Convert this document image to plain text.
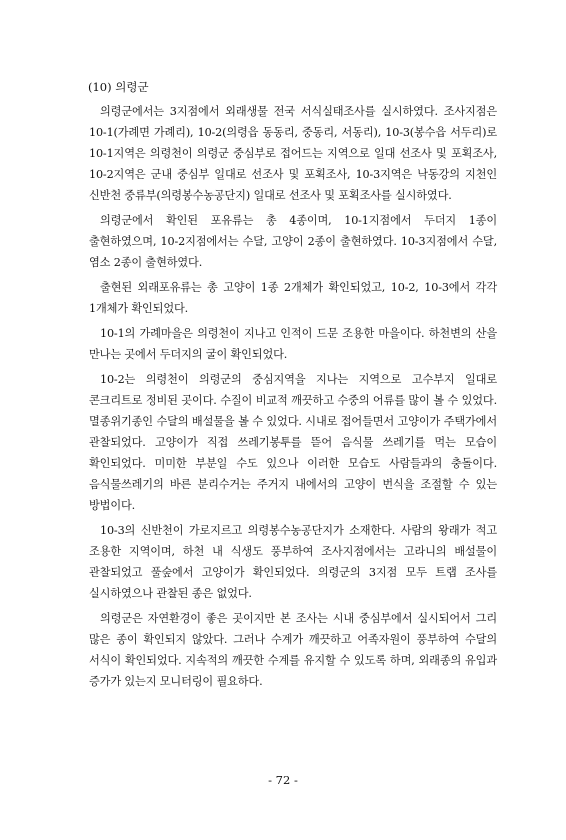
(10) 의령군

의령군에서는 3지점에서 외래생물 전국 서식실태조사를 실시하였다. 조사지점은 10-1(가례면 가례리), 10-2(의령읍 동동리, 중동리, 서동리), 10-3(봉수읍 서두리)로 10-1지역은 의령천이 의령군 중심부로 접어드는 지역으로 일대 선조사 및 포획조사, 10-2지역은 군내 중심부 일대로 선조사 및 포획조사, 10-3지역은 낙동강의 지천인 신반천 중류부(의령봉수농공단지) 일대로 선조사 및 포획조사를 실시하였다.

의령군에서 확인된 포유류는 총 4종이며, 10-1지점에서 두더지 1종이 출현하였으며, 10-2지점에서는 수달, 고양이 2종이 출현하였다. 10-3지점에서 수달, 염소 2종이 출현하였다.

출현된 외래포유류는 총 고양이 1종 2개체가 확인되었고, 10-2, 10-3에서 각각 1개체가 확인되었다.

10-1의 가례마을은 의령천이 지나고 인적이 드문 조용한 마을이다. 하천변의 산을 만나는 곳에서 두더지의 굴이 확인되었다.

10-2는 의령천이 의령군의 중심지역을 지나는 지역으로 고수부지 일대로 콘크리트로 정비된 곳이다. 수질이 비교적 깨끗하고 수중의 어류를 많이 볼 수 있었다. 멸종위기종인 수달의 배설물을 볼 수 있었다. 시내로 접어들면서 고양이가 주택가에서 관찰되었다. 고양이가 직접 쓰레기봉투를 뜯어 음식물 쓰레기를 먹는 모습이 확인되었다. 미미한 부분일 수도 있으나 이러한 모습도 사람들과의 충돌이다. 음식물쓰레기의 바른 분리수거는 주거지 내에서의 고양이 번식을 조절할 수 있는 방법이다.

10-3의 신반천이 가로지르고 의령봉수농공단지가 소재한다. 사람의 왕래가 적고 조용한 지역이며, 하천 내 식생도 풍부하여 조사지점에서는 고라니의 배설물이 관찰되었고 풀숲에서 고양이가 확인되었다. 의령군의 3지점 모두 트랩 조사를 실시하였으나 관찰된 종은 없었다.

의령군은 자연환경이 좋은 곳이지만 본 조사는 시내 중심부에서 실시되어서 그리 많은 종이 확인되지 않았다. 그러나 수계가 깨끗하고 어족자원이 풍부하여 수달의 서식이 확인되었다. 지속적의 깨끗한 수계를 유지할 수 있도록 하며, 외래종의 유입과 증가가 있는지 모니터링이 필요하다.

- 72 -
